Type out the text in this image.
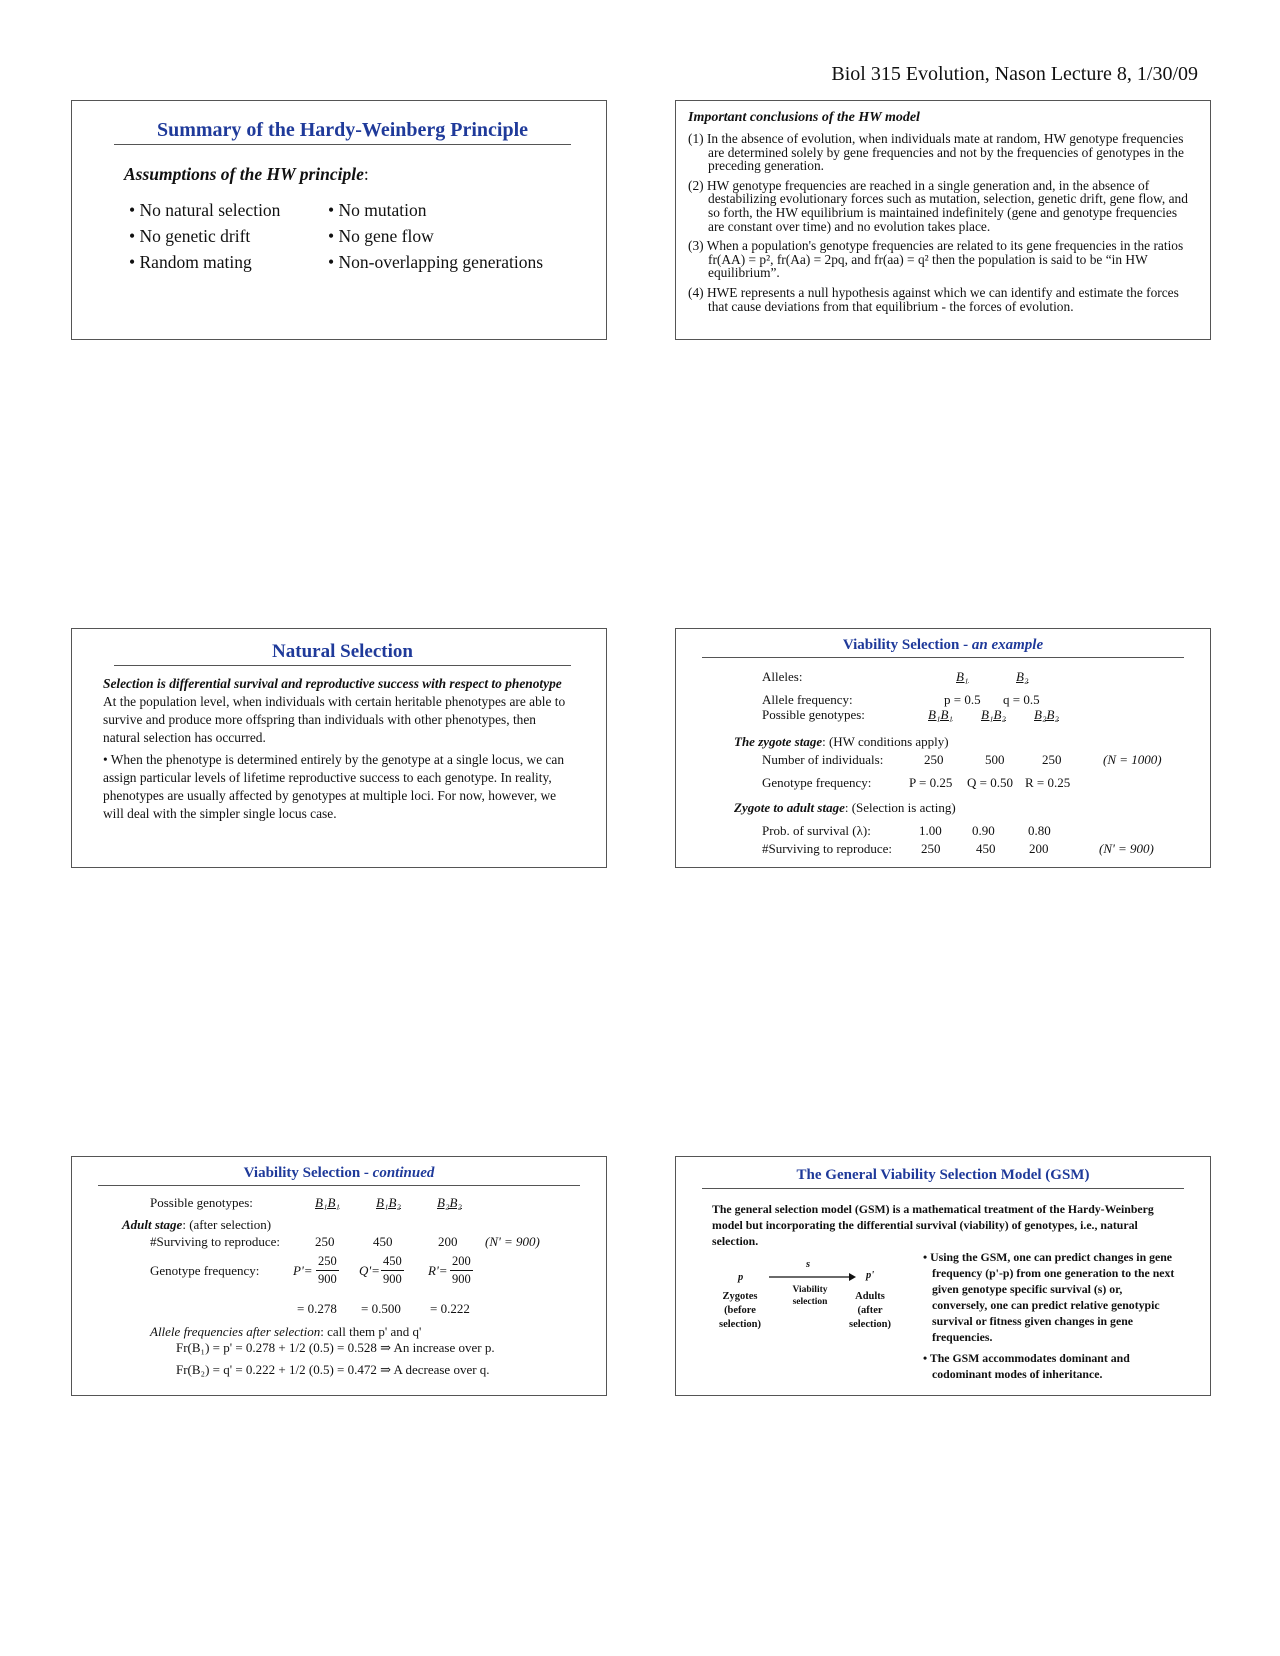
Biol 315 Evolution, Nason Lecture 8, 1/30/09
Summary of the Hardy-Weinberg Principle
Assumptions of the HW principle:
• No natural selection
• No genetic drift
• Random mating
• No mutation
• No gene flow
• Non-overlapping generations
Important conclusions of the HW model
(1) In the absence of evolution, when individuals mate at random, HW genotype frequencies are determined solely by gene frequencies and not by the frequencies of genotypes in the preceding generation.
(2) HW genotype frequencies are reached in a single generation and, in the absence of destabilizing evolutionary forces such as mutation, selection, genetic drift, gene flow, and so forth, the HW equilibrium is maintained indefinitely (gene and genotype frequencies are constant over time) and no evolution takes place.
(3) When a population's genotype frequencies are related to its gene frequencies in the ratios fr(AA) = p², fr(Aa) = 2pq, and fr(aa) = q² then the population is said to be “in HW equilibrium”.
(4) HWE represents a null hypothesis against which we can identify and estimate the forces that cause deviations from that equilibrium - the forces of evolution.
Natural Selection
Selection is differential survival and reproductive success with respect to phenotype
At the population level, when individuals with certain heritable phenotypes are able to survive and produce more offspring than individuals with other phenotypes, then natural selection has occurred.
• When the phenotype is determined entirely by the genotype at a single locus, we can assign particular levels of lifetime reproductive success to each genotype. In reality, phenotypes are usually affected by genotypes at multiple loci. For now, however, we will deal with the simpler single locus case.
Viability Selection - an example
Alleles:	B₁	B₂
Allele frequency:	p = 0.5 q = 0.5
Possible genotypes:	B₁B₁ B₁B₂ B₂B₂
The zygote stage: (HW conditions apply)
Number of individuals:	250	500	250	(N = 1000)
Genotype frequency:	P = 0.25 Q = 0.50 R = 0.25
Zygote to adult stage: (Selection is acting)
Prob. of survival (λ):	1.00 0.90	0.80
#Surviving to reproduce: 250	450	200	(N' = 900)
Viability Selection - continued
Possible genotypes:	B₁B₁	B₁B₂	B₂B₂
Adult stage: (after selection)
#Surviving to reproduce:	250	450	200 (N' = 900)
Genotype frequency:	$P'= \frac{250}{900} Q'= \frac{450}{900} R'= \frac{200}{900}$
= 0.278 = 0.500 = 0.222
Allele frequencies after selection: call them p' and q'
Fr(B₁) = p' = 0.278 + 1/2 (0.5) = 0.528 ⇒ An increase over p.
Fr(B₂) = q' = 0.222 + 1/2 (0.5) = 0.472 ⇒ A decrease over q.
The General Viability Selection Model (GSM)
The general selection model (GSM) is a mathematical treatment of the Hardy-Weinberg model but incorporating the differential survival (viability) of genotypes, i.e., natural selection.
p
s
p'
Zygotes (before selection)
Viability selection	Adults (after selection)
• Using the GSM, one can predict changes in gene frequency (p'-p) from one generation to the next given genotype specific survival (s) or, conversely, one can predict relative genotypic survival or fitness given changes in gene frequencies.
• The GSM accommodates dominant and codominant modes of inheritance.
